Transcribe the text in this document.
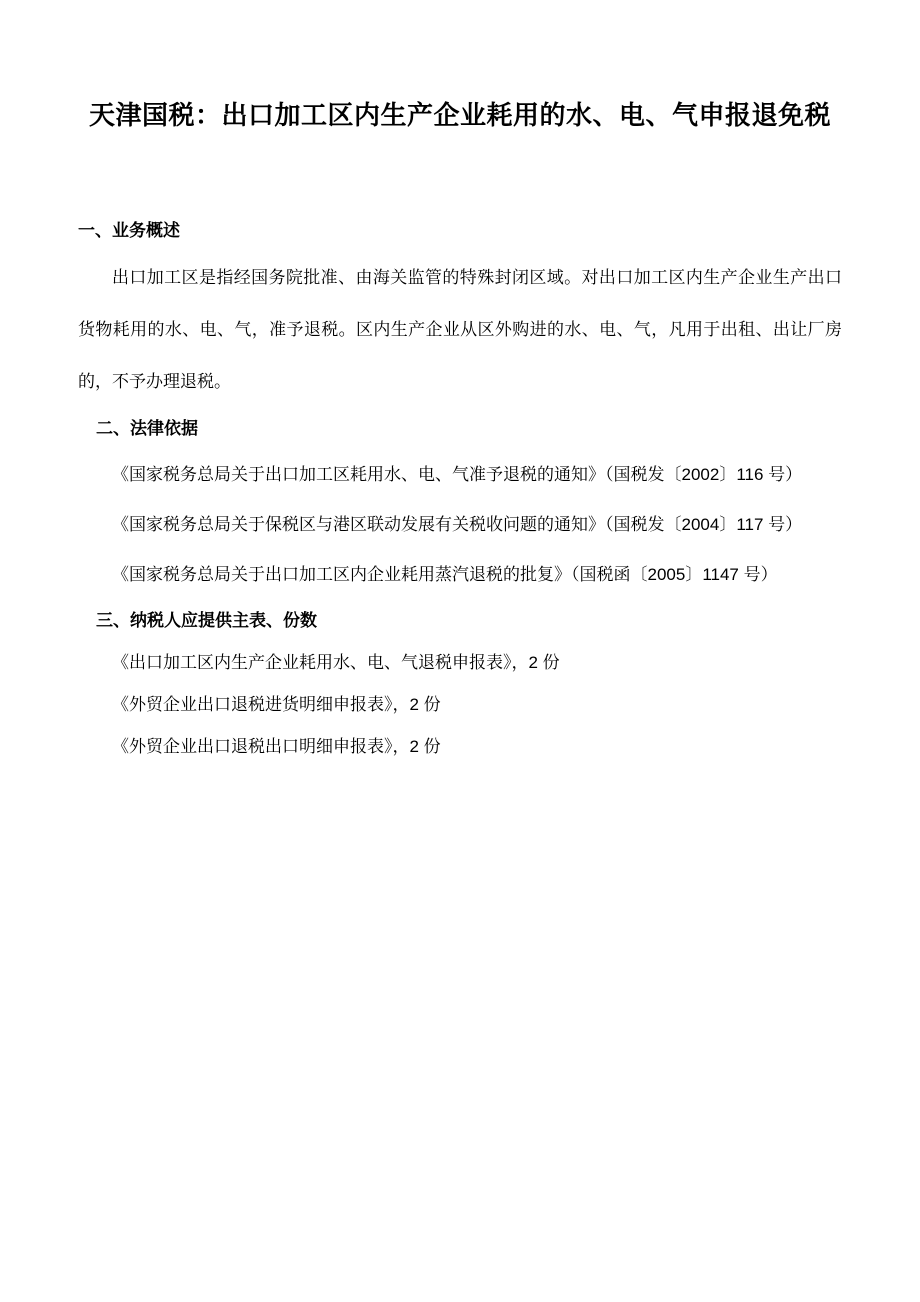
天津国税：出口加工区内生产企业耗用的水、电、气申报退免税
一、业务概述

出口加工区是指经国务院批准、由海关监管的特殊封闭区域。对出口加工区内生产企业生产出口货物耗用的水、电、气，准予退税。区内生产企业从区外购进的水、电、气，凡用于出租、出让厂房的，不予办理退税。

二、法律依据

《国家税务总局关于出口加工区耗用水、电、气准予退税的通知》（国税发〔2002〕116 号）

《国家税务总局关于保税区与港区联动发展有关税收问题的通知》（国税发〔2004〕117 号）

《国家税务总局关于出口加工区内企业耗用蒸汽退税的批复》（国税函〔2005〕1147 号）

三、纳税人应提供主表、份数

《出口加工区内生产企业耗用水、电、气退税申报表》，2 份

《外贸企业出口退税进货明细申报表》，2 份

《外贸企业出口退税出口明细申报表》，2 份
